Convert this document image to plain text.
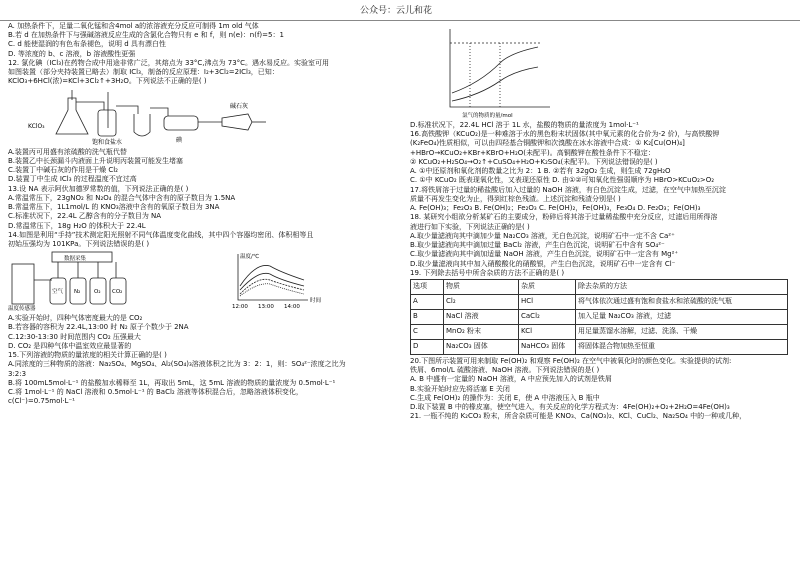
公众号：云儿和花
A. 加热条件下，足量二氧化锰和含4mol a的浓溶液充分反应可制得 1m old 气体
B.若 d 在加热条件下与强碱溶液反应生成的含氯化合物只有 e 和 f，则 n(e)：n(f)=5：1
C. d 能使湿润的有色布条褪色，说明 d 具有漂白性
D. 等浓度的 b、c 溶液，b 溶液酸性更强
12. 氯化碘（ICl₃)在药物合成中用途非常广泛，其熔点为 33°C,沸点为 73°C。遇水易反应。实验室可用
如图装置（部分夹持装置已略去）制取 ICl₃，制备的反应原理：I₂+3Cl₂=2ICl₃，已知：
KClO₃+6HCl(浓)=KCl+3Cl₂↑+3H₂O。下列说法不正确的是( )
KClO₃
饱和食盐水	碘
碱石灰
A.装置丙可用盛有浓硫酸的洗气瓶代替
B.装置乙中长颈漏斗内液面上升说明丙装置可能发生堵塞
C.装置丁中碱石灰的作用是干燥 Cl₂
D.装置丁中生成 ICl₃ 的过程温度不宜过高
13.设 NA 表示阿伏加德罗常数的值，下列说法正确的是( )
A.常温常压下，23gNO₂ 和 N₂O₄ 的混合气体中含有的原子数目为 1.5NA
B.常温常压下，1L1mol/L 的 KNO₃溶液中含有的氧原子数目为 3NA
C.标准状况下，22.4L 乙醇含有的分子数目为 NA
D.常温常压下，18g H₂O 的体积大于 22.4L
14.如图是利用“手持”技术测定阳光照射不同气体温度变化曲线，其中四个容器均密闭、体积相等且
初始压强均为 101KPa。下列说法错误的是( )
数据采集
温度传感器
空气 N₂ O₂ CO₂
温度/℃
12:00 13:00 14:00
时间
A.实验开始时，四种气体密度最大的是 CO₂
B.若容器的容积为 22.4L,13:00 时 N₂ 原子个数少于 2NA
C.12:30-13:30 时间范围内 CO₂ 压强最大
D. CO₂ 是四种气体中温室效应最显著的
15.下列溶液的物质的量浓度的相关计算正确的是( )
A.同浓度的三种物质的溶液：Na₂SO₄、MgSO₄、Al₂(SO₄)₃溶液体积之比为 3：2：1，则：SO₄²⁻浓度之比为
3:2:3
B.将 100mL5mol·L⁻¹ 的盐酸加水稀释至 1L，再取出 5mL，这 5mL 溶液的物质的量浓度为 0.5mol·L⁻¹
C.将 1mol·L⁻¹ 的 NaCl 溶液和 0.5mol·L⁻¹ 的 BaCl₂ 溶液等体积混合后，忽略溶液体积变化，
c(Cl⁻)=0.75mol·L⁻¹
氯气的物质的量/mol
D.标准状况下，22.4L HCl 溶于 1L 水，盐酸的物质的量浓度为 1mol·L⁻¹
16.高铁酸钾（KCuO₂)是一种难溶于水的黑色粉末状固体(其中氧元素的化合价为-2 价)，与高铁酸钾
(K₂FeO₄)性质相似，可以由四羟基合铜酸钾和次溴酸在冰水溶液中合成：① K₂[Cu(OH)₄]
+HBrO→KCuO₂+KBr+KBrO+H₂O(未配平)。高铜酸钾在酸性条件下不稳定：
② KCuO₂+H₂SO₄→O₂↑+CuSO₄+H₂O+K₂SO₄(未配平)。下列说法错误的是( )
A. ①中还原剂和氧化剂的数量之比为 2：1 B. ②若有 32gO₂ 生成，则生成 72gH₂O
C. ①中 KCuO₂ 既表现氧化性，又表现还原性 D. 由①②可知氧化性强弱顺序为 HBrO>KCuO₂>O₂
17.将铁屑溶于过量的稀盐酸后加入过量的 NaOH 溶液，有白色沉淀生成，过滤，在空气中加热至沉淀
质量不再发生变化为止，得到红棕色残渣。上述沉淀和残渣分别是( )
A. Fe(OH)₃；Fe₂O₃ B. Fe(OH)₂；Fe₂O₃ C. Fe(OH)₂，Fe(OH)₃，Fe₃O₄ D. Fe₂O₃；Fe(OH)₃
18. 某研究小组欲分析某矿石的主要成分，粉碎后将其溶于过量稀盐酸中充分反应，过滤后用所得溶
液进行如下实验，下列说法正确的是( )
A.取少量滤液向其中滴加少量 Na₂CO₃ 溶液，无白色沉淀，说明矿石中一定不含 Ca²⁺
B.取少量滤液向其中滴加过量 BaCl₂ 溶液，产生白色沉淀，说明矿石中含有 SO₄²⁻
C.取少量滤液向其中滴加适量 NaOH 溶液，产生白色沉淀，说明矿石中一定含有 Mg²⁺
D.取少量滤液向其中加入硝酸酸化的硝酸银，产生白色沉淀，说明矿石中一定含有 Cl⁻
19. 下列除去括号中所含杂质的方法不正确的是( )
选项	物质	杂质	除去杂质的方法
A	Cl₂	HCl	将气体依次通过盛有饱和食盐水和浓硫酸的洗气瓶
B	NaCl 溶液	CaCl₂	加入足量 Na₂CO₃ 溶液，过滤
C	MnO₂ 粉末	KCl	用足量蒸馏水溶解，过滤、洗涤、干燥
D	Na₂CO₃ 固体	NaHCO₃ 固体	将固体混合物加热至恒重
20.下图所示装置可用来制取 Fe(OH)₂ 和观察 Fe(OH)₂ 在空气中被氧化时的颜色变化。实验提供的试剂:
铁屑、6mol/L 硫酸溶液、NaOH 溶液。下列说法错误的是( )
A. B 中盛有一定量的 NaOH 溶液，A 中应预先加入的试剂是铁屑
B.实验开始时应先将活塞 E 关闭
C.生成 Fe(OH)₂ 的操作为：关闭 E，使 A 中溶液压入 B 瓶中
D.取下装置 B 中的橡皮塞，使空气进入，有关反应的化学方程式为：4Fe(OH)₂+O₂+2H₂O=4Fe(OH)₃
21. 一瓶不纯的 K₂CO₃ 粉末，所含杂质可能是 KNO₃、Ca(NO₃)₂、KCl、CuCl₂、Na₂SO₄ 中的一种或几种，
